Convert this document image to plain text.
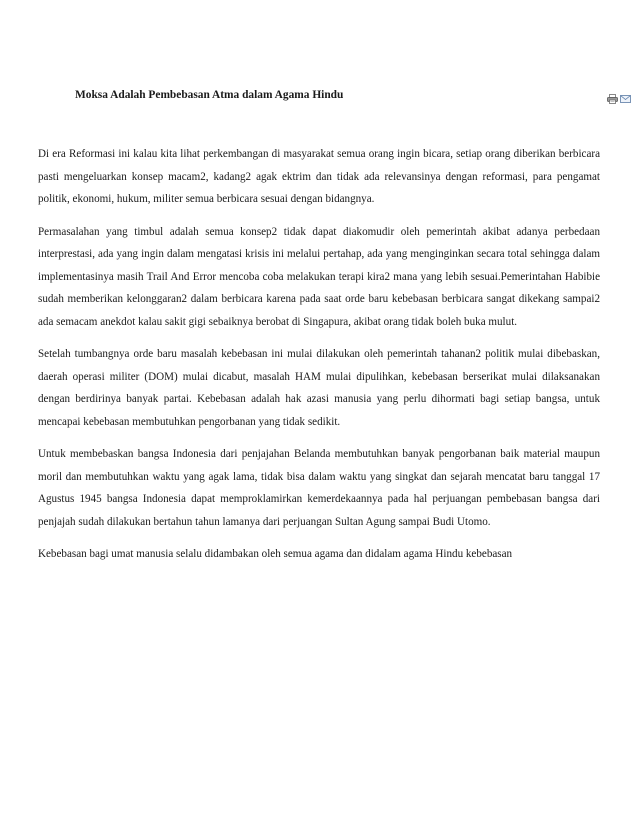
Moksa Adalah Pembebasan Atma dalam Agama Hindu

Di era Reformasi ini kalau kita lihat perkembangan di masyarakat semua orang ingin bicara, setiap orang diberikan berbicara pasti mengeluarkan konsep macam2, kadang2 agak ektrim dan tidak ada relevansinya dengan reformasi, para pengamat politik, ekonomi, hukum, militer semua berbicara sesuai dengan bidangnya.

Permasalahan yang timbul adalah semua konsep2 tidak dapat diakomudir oleh pemerintah akibat adanya perbedaan interprestasi, ada yang ingin dalam mengatasi krisis ini melalui pertahap, ada yang menginginkan secara total sehingga dalam implementasinya masih Trail And Error mencoba coba melakukan terapi kira2 mana yang lebih sesuai.Pemerintahan Habibie sudah memberikan kelonggaran2 dalam berbicara karena pada saat orde baru kebebasan berbicara sangat dikekang sampai2 ada semacam anekdot kalau sakit gigi sebaiknya berobat di Singapura, akibat orang tidak boleh buka mulut.

Setelah tumbangnya orde baru masalah kebebasan ini mulai dilakukan oleh pemerintah tahanan2 politik mulai dibebaskan, daerah operasi militer (DOM) mulai dicabut, masalah HAM mulai dipulihkan, kebebasan berserikat mulai dilaksanakan dengan berdirinya banyak partai. Kebebasan adalah hak azasi manusia yang perlu dihormati bagi setiap bangsa, untuk mencapai kebebasan membutuhkan pengorbanan yang tidak sedikit.

Untuk membebaskan bangsa Indonesia dari penjajahan Belanda membutuhkan banyak pengorbanan baik material maupun moril dan membutuhkan waktu yang agak lama, tidak bisa dalam waktu yang singkat dan sejarah mencatat baru tanggal 17 Agustus 1945 bangsa Indonesia dapat memproklamirkan kemerdekaannya pada hal perjuangan pembebasan bangsa dari penjajah sudah dilakukan bertahun tahun lamanya dari perjuangan Sultan Agung sampai Budi Utomo.

Kebebasan bagi umat manusia selalu didambakan oleh semua agama dan didalam agama Hindu kebebasan
